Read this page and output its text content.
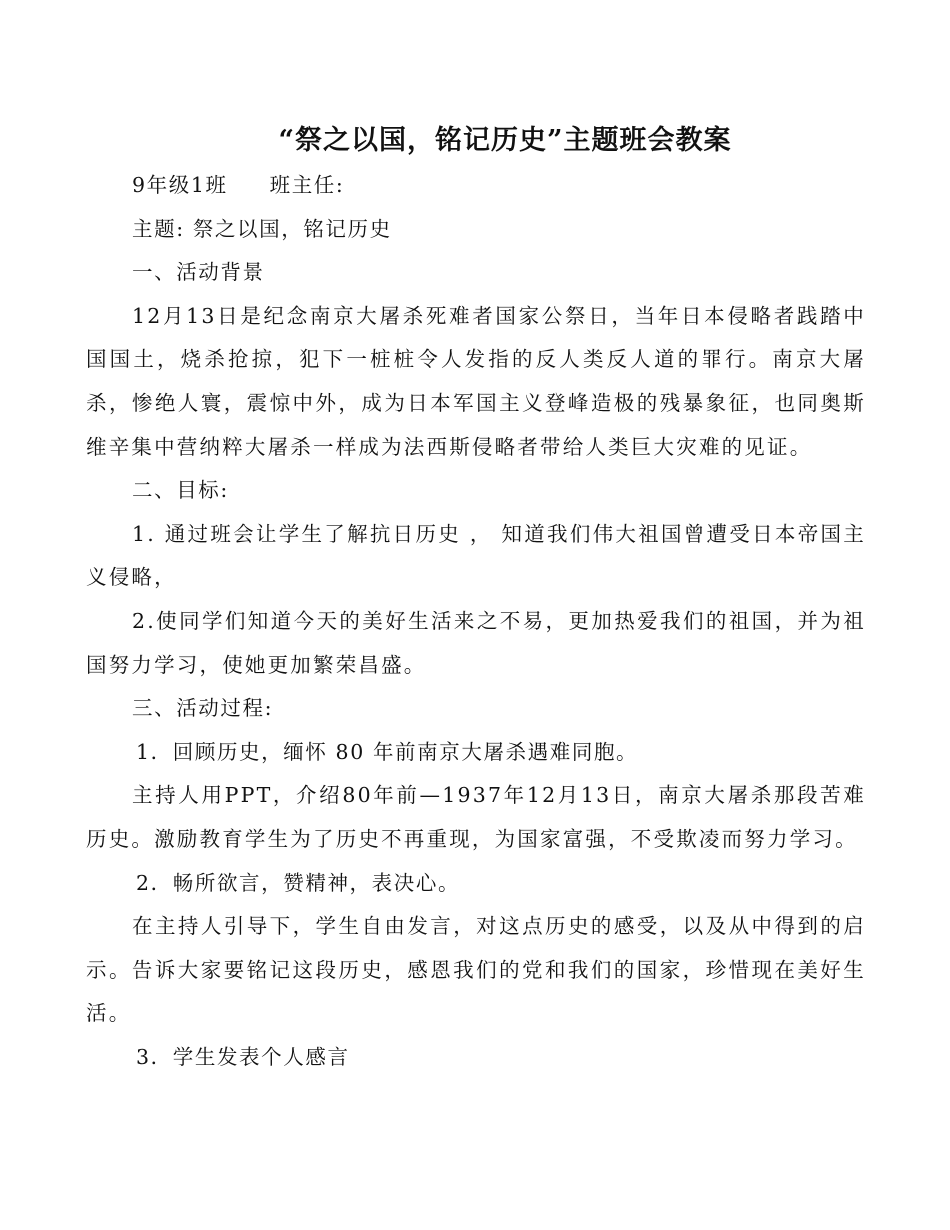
“祭之以国，铭记历史”主题班会教案

9年级1班 班主任:

主题: 祭之以国，铭记历史

一、活动背景

12月13日是纪念南京大屠杀死难者国家公祭日，当年日本侵略者践踏中国国土，烧杀抢掠，犯下一桩桩令人发指的反人类反人道的罪行。南京大屠杀，惨绝人寰，震惊中外，成为日本军国主义登峰造极的残暴象征，也同奥斯维辛集中营纳粹大屠杀一样成为法西斯侵略者带给人类巨大灾难的见证。

二、目标:

1. 通过班会让学生了解抗日历史 ， 知道我们伟大祖国曾遭受日本帝国主义侵略，

2.使同学们知道今天的美好生活来之不易，更加热爱我们的祖国，并为祖国努力学习，使她更加繁荣昌盛。

三、活动过程:

1．回顾历史，缅怀 80 年前南京大屠杀遇难同胞。

主持人用PPT，介绍80年前—1937年12月13日，南京大屠杀那段苦难历史。激励教育学生为了历史不再重现，为国家富强，不受欺凌而努力学习。

2．畅所欲言，赞精神，表决心。

在主持人引导下，学生自由发言，对这点历史的感受，以及从中得到的启示。告诉大家要铭记这段历史，感恩我们的党和我们的国家，珍惜现在美好生活。

3．学生发表个人感言
